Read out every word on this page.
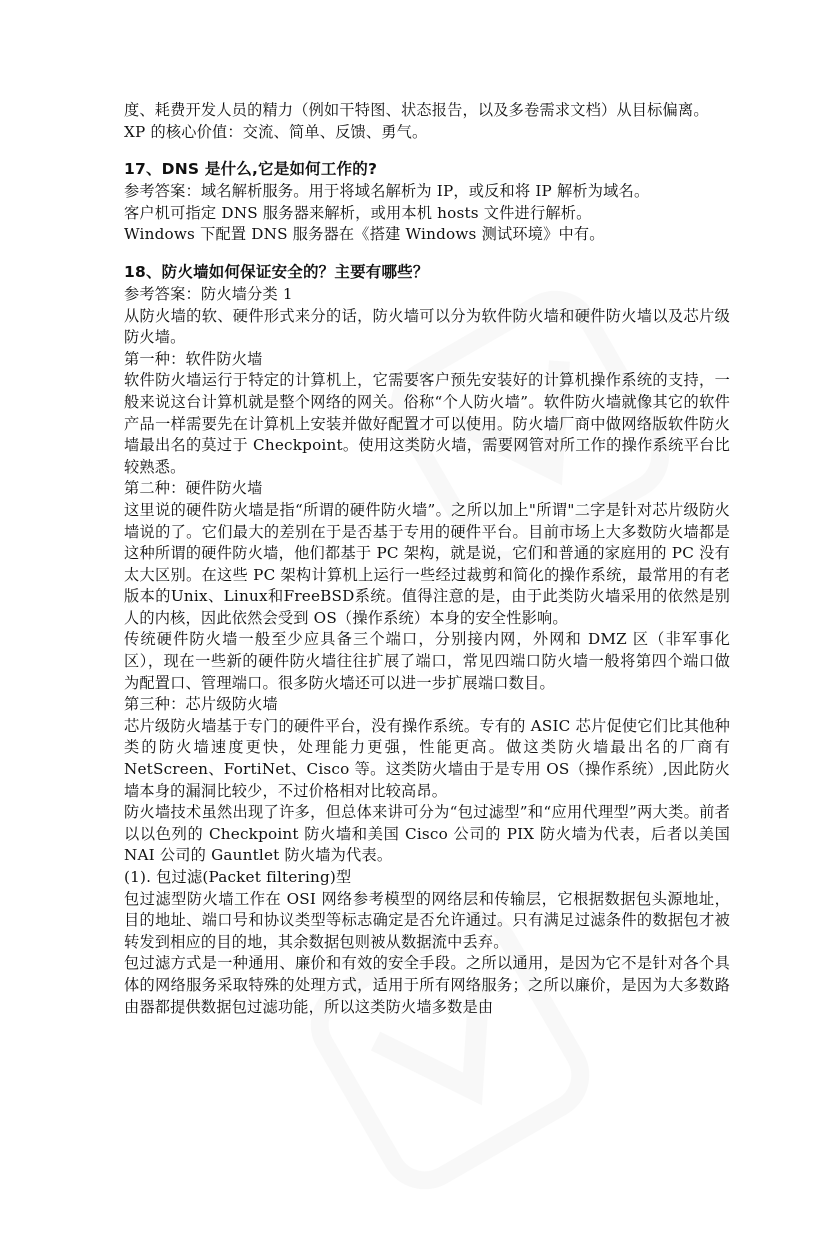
度、耗费开发人员的精力（例如干特图、状态报告，以及多卷需求文档）从目标偏离。

XP 的核心价值：交流、简单、反馈、勇气。

17、DNS 是什么,它是如何工作的?

参考答案：域名解析服务。用于将域名解析为 IP，或反和将 IP 解析为域名。

客户机可指定 DNS 服务器来解析，或用本机 hosts 文件进行解析。

Windows 下配置 DNS 服务器在《搭建 Windows 测试环境》中有。

18、防火墙如何保证安全的？主要有哪些？

参考答案：防火墙分类 1

从防火墙的软、硬件形式来分的话，防火墙可以分为软件防火墙和硬件防火墙以及芯片级防火墙。

第一种：软件防火墙

软件防火墙运行于特定的计算机上，它需要客户预先安装好的计算机操作系统的支持，一般来说这台计算机就是整个网络的网关。俗称“个人防火墙”。软件防火墙就像其它的软件产品一样需要先在计算机上安装并做好配置才可以使用。防火墙厂商中做网络版软件防火墙最出名的莫过于 Checkpoint。使用这类防火墙，需要网管对所工作的操作系统平台比较熟悉。

第二种：硬件防火墙

这里说的硬件防火墙是指“所谓的硬件防火墙”。之所以加上"所谓"二字是针对芯片级防火墙说的了。它们最大的差别在于是否基于专用的硬件平台。目前市场上大多数防火墙都是这种所谓的硬件防火墙，他们都基于 PC 架构，就是说，它们和普通的家庭用的 PC 没有太大区别。在这些 PC 架构计算机上运行一些经过裁剪和简化的操作系统，最常用的有老版本的Unix、Linux和FreeBSD系统。值得注意的是，由于此类防火墙采用的依然是别人的内核，因此依然会受到 OS（操作系统）本身的安全性影响。

传统硬件防火墙一般至少应具备三个端口，分别接内网，外网和 DMZ 区（非军事化区），现在一些新的硬件防火墙往往扩展了端口，常见四端口防火墙一般将第四个端口做为配置口、管理端口。很多防火墙还可以进一步扩展端口数目。

第三种：芯片级防火墙

芯片级防火墙基于专门的硬件平台，没有操作系统。专有的 ASIC 芯片促使它们比其他种类的防火墙速度更快，处理能力更强，性能更高。做这类防火墙最出名的厂商有 NetScreen、FortiNet、Cisco 等。这类防火墙由于是专用 OS（操作系统）,因此防火墙本身的漏洞比较少，不过价格相对比较高昂。

防火墙技术虽然出现了许多，但总体来讲可分为“包过滤型”和“应用代理型”两大类。前者以以色列的 Checkpoint 防火墙和美国 Cisco 公司的 PIX 防火墙为代表，后者以美国 NAI 公司的 Gauntlet 防火墙为代表。

(1). 包过滤(Packet filtering)型

包过滤型防火墙工作在 OSI 网络参考模型的网络层和传输层，它根据数据包头源地址，目的地址、端口号和协议类型等标志确定是否允许通过。只有满足过滤条件的数据包才被转发到相应的目的地，其余数据包则被从数据流中丢弃。

包过滤方式是一种通用、廉价和有效的安全手段。之所以通用，是因为它不是针对各个具体的网络服务采取特殊的处理方式，适用于所有网络服务；之所以廉价，是因为大多数路由器都提供数据包过滤功能，所以这类防火墙多数是由
